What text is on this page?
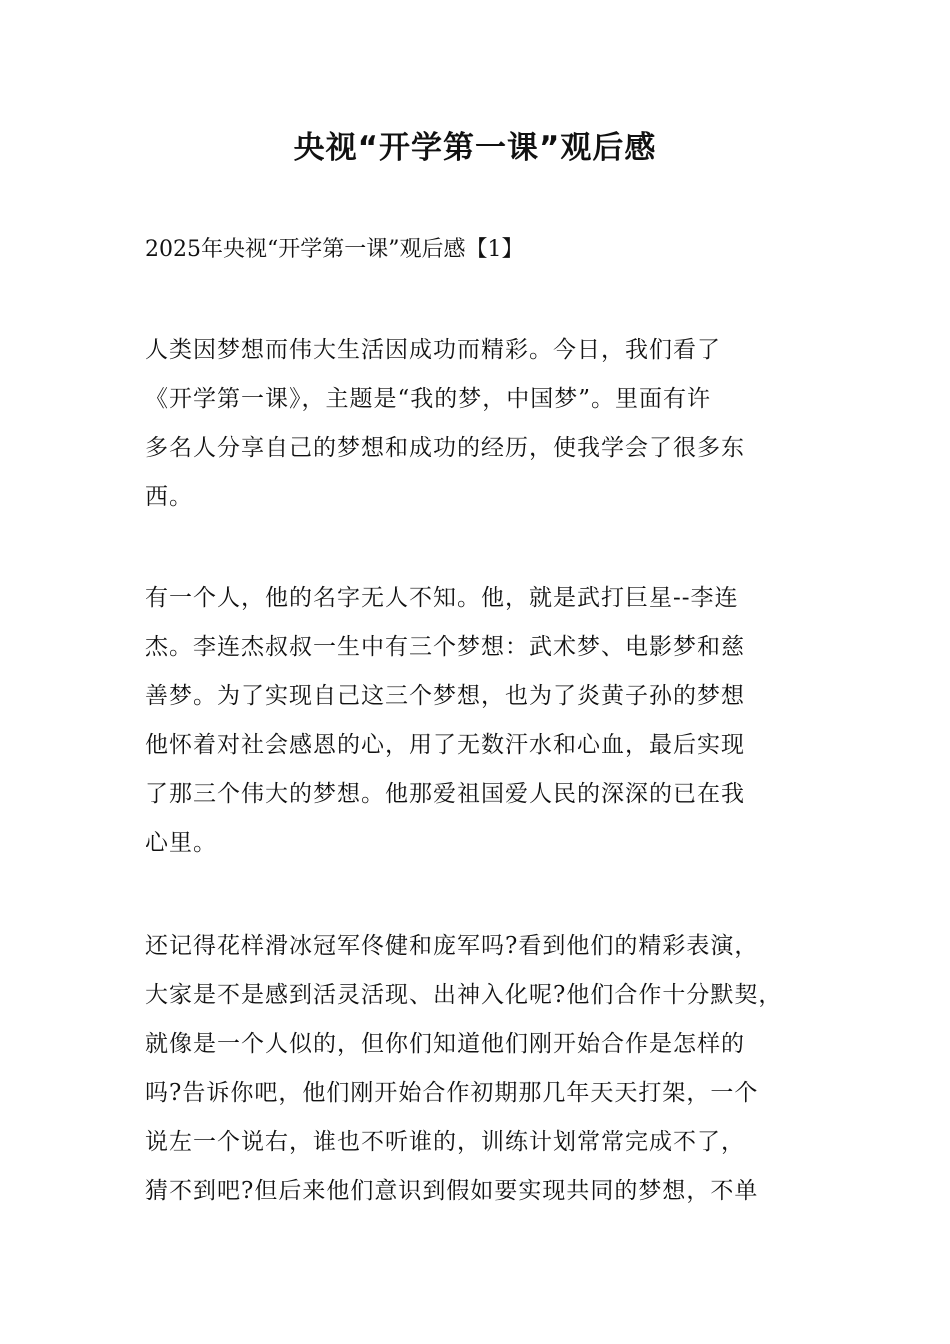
央视“开学第一课”观后感

2025年央视“开学第一课”观后感【1】

人类因梦想而伟大生活因成功而精彩。今日，我们看了
《开学第一课》，主题是“我的梦，中国梦”。里面有许
多名人分享自己的梦想和成功的经历，使我学会了很多东
西。
有一个人，他的名字无人不知。他，就是武打巨星--李连
杰。李连杰叔叔一生中有三个梦想：武术梦、电影梦和慈
善梦。为了实现自己这三个梦想，也为了炎黄子孙的梦想
他怀着对社会感恩的心，用了无数汗水和心血，最后实现
了那三个伟大的梦想。他那爱祖国爱人民的深深的已在我
心里。
还记得花样滑冰冠军佟健和庞军吗?看到他们的精彩表演，
大家是不是感到活灵活现、出神入化呢?他们合作十分默契，
就像是一个人似的，但你们知道他们刚开始合作是怎样的
吗?告诉你吧，他们刚开始合作初期那几年天天打架，一个
说左一个说右，谁也不听谁的，训练计划常常完成不了，
猜不到吧?但后来他们意识到假如要实现共同的梦想，不单
